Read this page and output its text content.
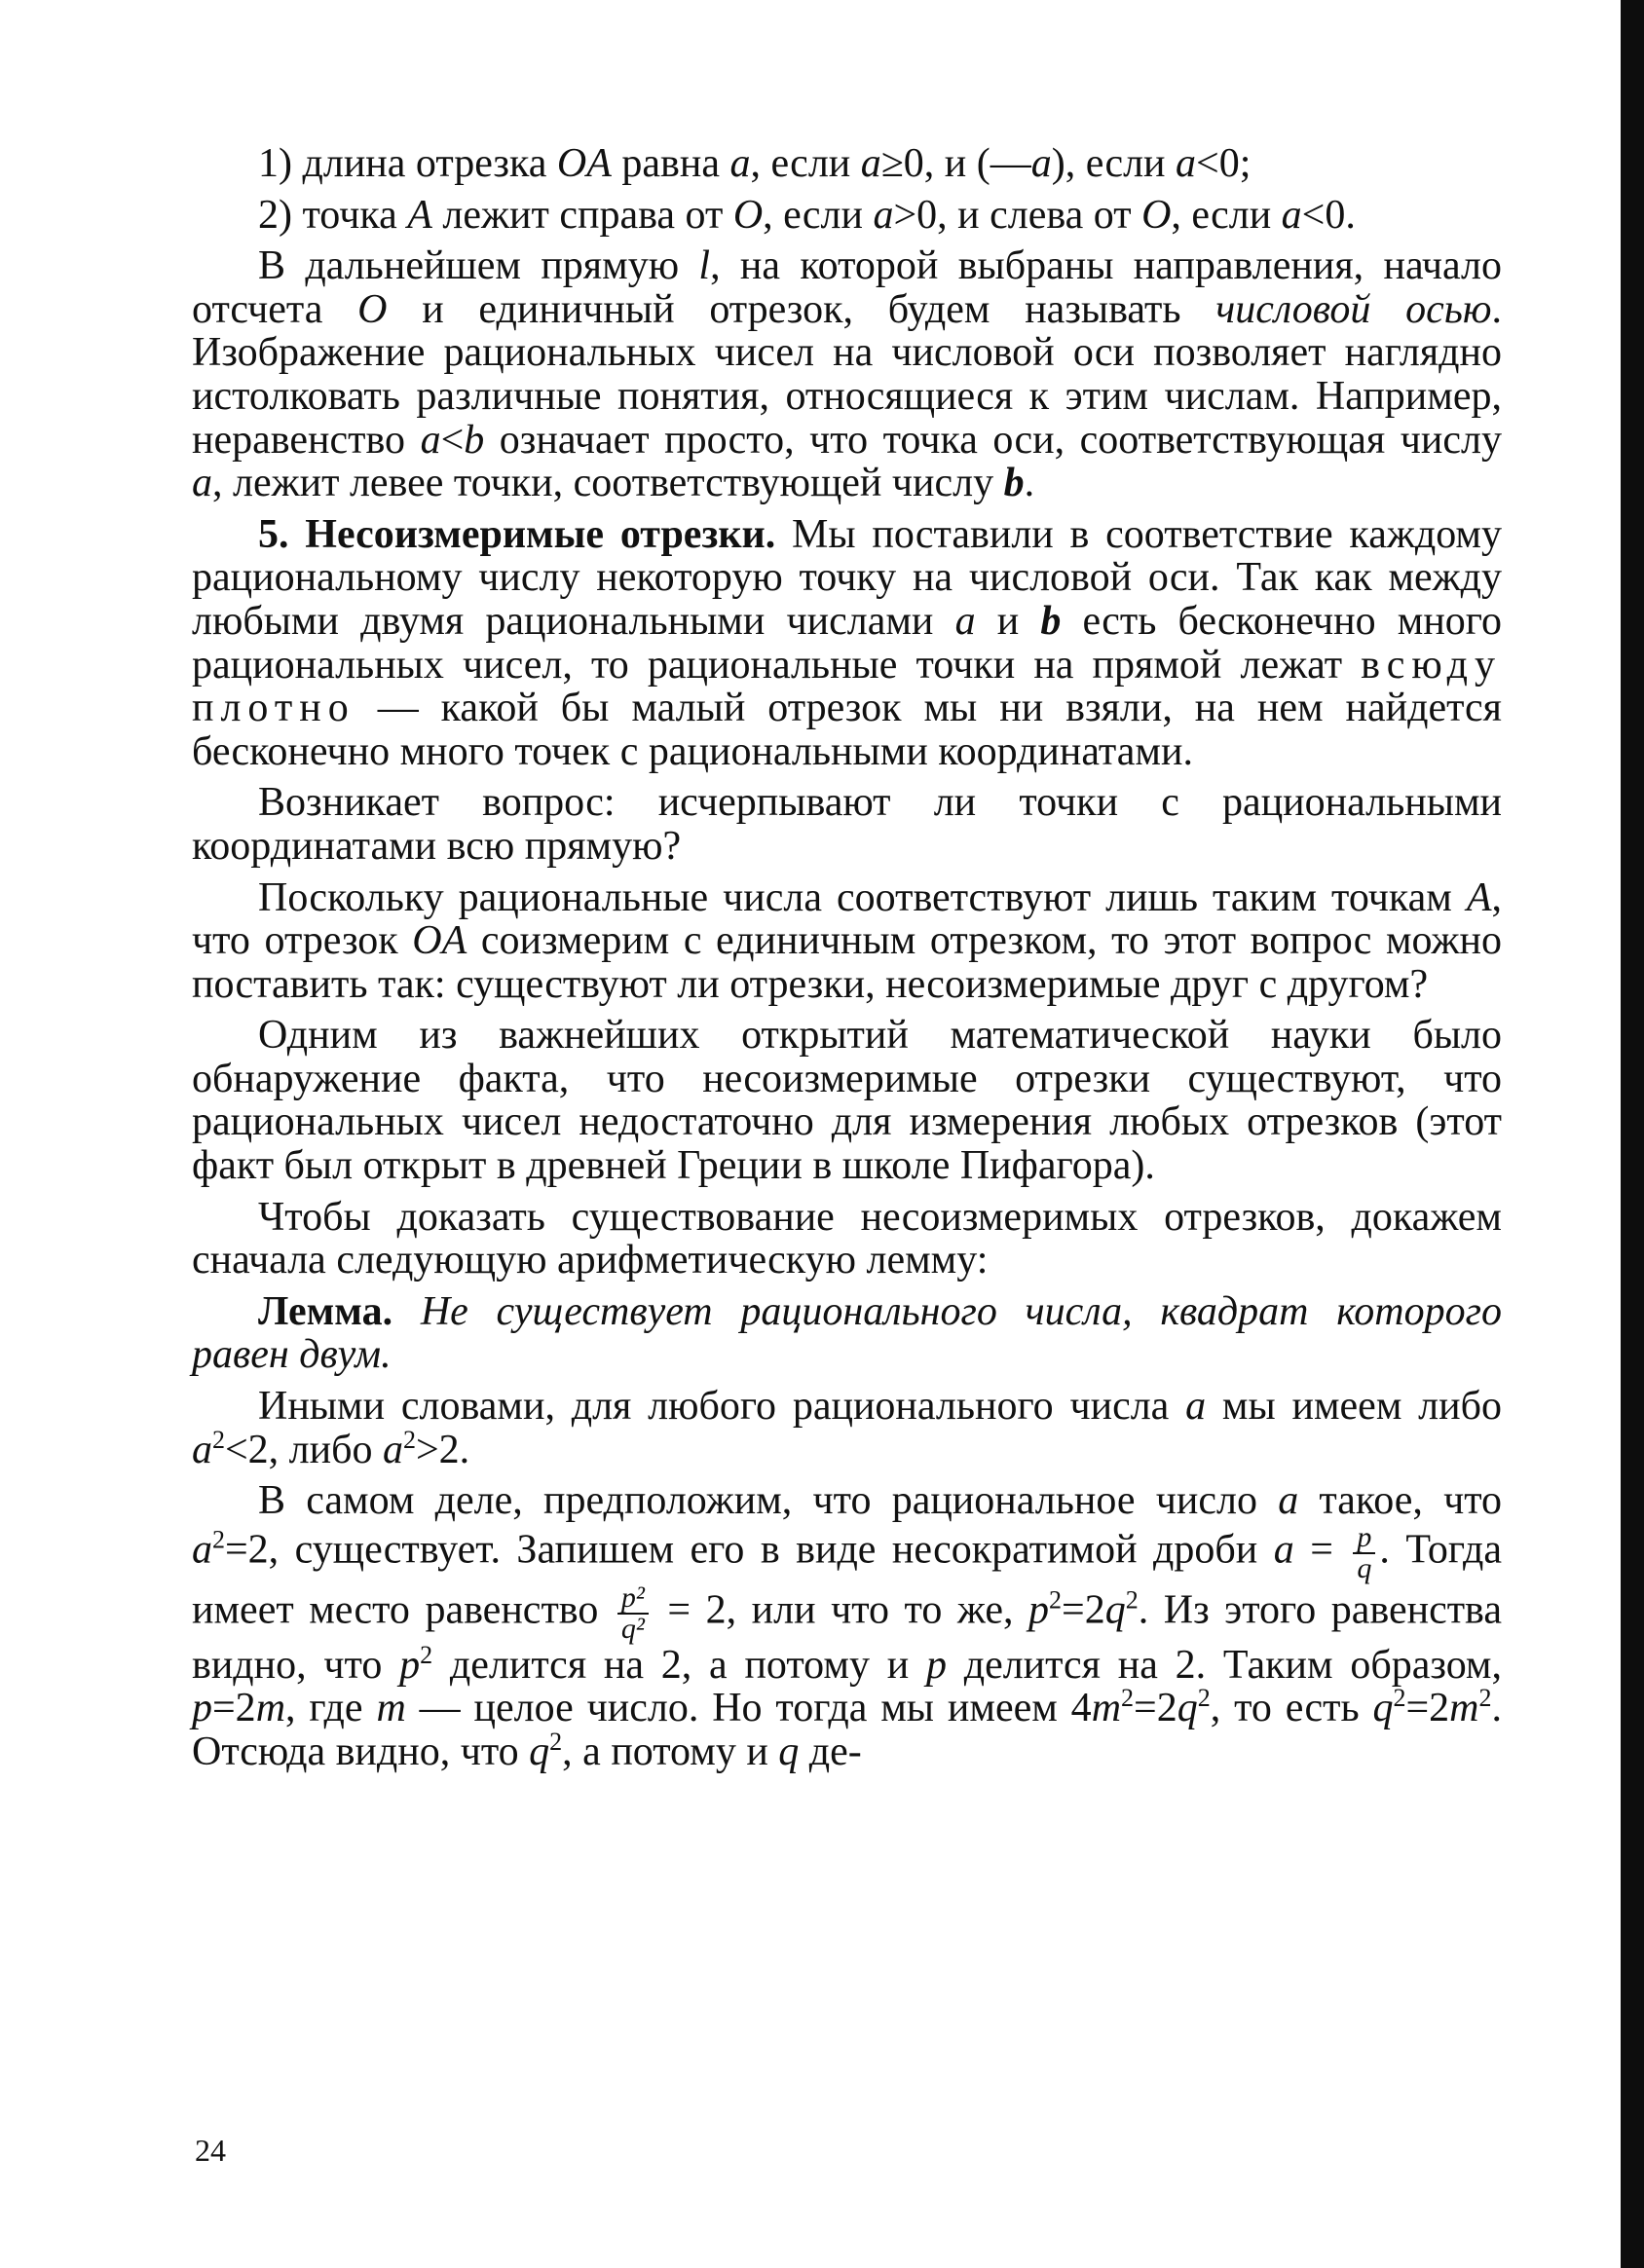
1) длина отрезка OA равна a, если a≥0, и (—a), если a<0;

2) точка A лежит справа от O, если a>0, и слева от O, если a<0.

В дальнейшем прямую l, на которой выбраны направления, начало отсчета O и единичный отрезок, будем называть числовой осью. Изображение рациональных чисел на числовой оси позволяет наглядно истолковать различные понятия, относящиеся к этим числам. Например, неравенство a<b означает просто, что точка оси, соответствующая числу a, лежит левее точки, соответствующей числу b.

5. Несоизмеримые отрезки. Мы поставили в соответствие каждому рациональному числу некоторую точку на числовой оси. Так как между любыми двумя рациональными числами a и b есть бесконечно много рациональных чисел, то рациональные точки на прямой лежат всюду плотно — какой бы малый отрезок мы ни взяли, на нем найдется бесконечно много точек с рациональными координатами.

Возникает вопрос: исчерпывают ли точки с рациональными координатами всю прямую?

Поскольку рациональные числа соответствуют лишь таким точкам A, что отрезок OA соизмерим с единичным отрезком, то этот вопрос можно поставить так: существуют ли отрезки, несоизмеримые друг с другом?

Одним из важнейших открытий математической науки было обнаружение факта, что несоизмеримые отрезки существуют, что рациональных чисел недостаточно для измерения любых отрезков (этот факт был открыт в древней Греции в школе Пифагора).

Чтобы доказать существование несоизмеримых отрезков, докажем сначала следующую арифметическую лемму:

Лемма. Не существует рационального числа, квадрат которого равен двум.

Иными словами, для любого рационального числа a мы имеем либо $a^2<2$, либо $a^2>2$.

В самом деле, предположим, что рациональное число a такое, что $a^2=2$, существует. Запишем его в виде несократимой дроби $a = \frac{p}{q}$ . Тогда имеет место равенство $\frac{\text{p²}}{\text{q²}} = 2$, или что то же, $p^2=2q^2$. Из этого равенства видно, что $p^2$ делится на 2, а потому и p делится на 2. Таким образом, p=2m, где m — целое число. Но тогда мы имеем $4m^2=2q^2$, то есть $q^2=2m^2$. Отсюда видно, что $q^2$, а потому и q де-

24
